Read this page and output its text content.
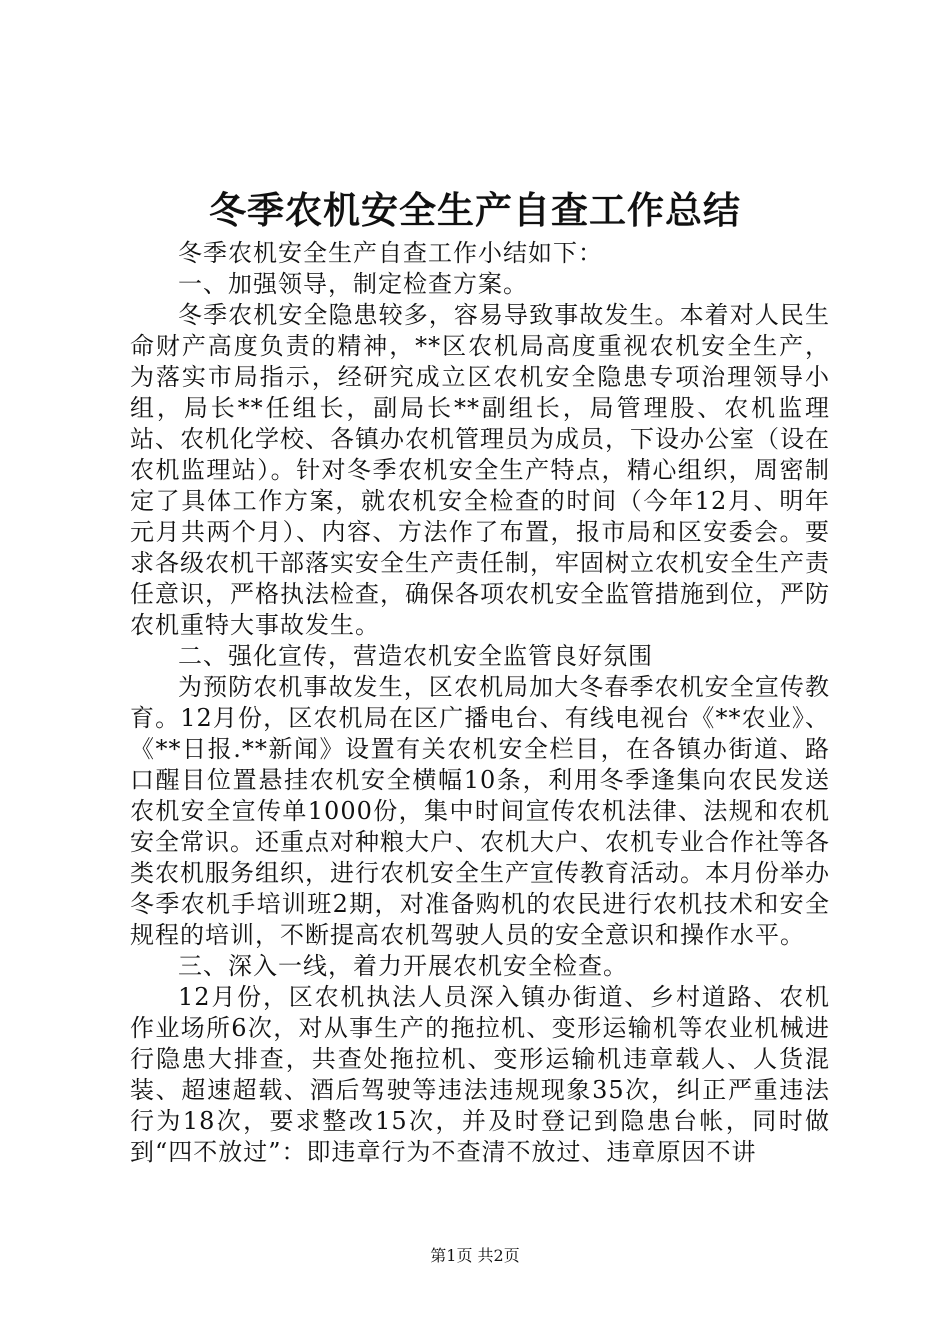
冬季农机安全生产自查工作总结

冬季农机安全生产自查工作小结如下：

一、加强领导，制定检查方案。

冬季农机安全隐患较多，容易导致事故发生。本着对人民生命财产高度负责的精神，**区农机局高度重视农机安全生产，为落实市局指示，经研究成立区农机安全隐患专项治理领导小组，局长**任组长，副局长**副组长，局管理股、农机监理站、农机化学校、各镇办农机管理员为成员，下设办公室（设在农机监理站）。针对冬季农机安全生产特点，精心组织，周密制定了具体工作方案，就农机安全检查的时间（今年12月、明年元月共两个月）、内容、方法作了布置，报市局和区安委会。要求各级农机干部落实安全生产责任制，牢固树立农机安全生产责任意识，严格执法检查，确保各项农机安全监管措施到位，严防农机重特大事故发生。

二、强化宣传，营造农机安全监管良好氛围

为预防农机事故发生，区农机局加大冬春季农机安全宣传教育。12月份，区农机局在区广播电台、有线电视台《**农业》、《**日报.**新闻》设置有关农机安全栏目，在各镇办街道、路口醒目位置悬挂农机安全横幅10条，利用冬季逢集向农民发送农机安全宣传单1000份，集中时间宣传农机法律、法规和农机安全常识。还重点对种粮大户、农机大户、农机专业合作社等各类农机服务组织，进行农机安全生产宣传教育活动。本月份举办冬季农机手培训班2期，对准备购机的农民进行农机技术和安全规程的培训，不断提高农机驾驶人员的安全意识和操作水平。

三、深入一线，着力开展农机安全检查。

12月份，区农机执法人员深入镇办街道、乡村道路、农机作业场所6次，对从事生产的拖拉机、变形运输机等农业机械进行隐患大排查，共查处拖拉机、变形运输机违章载人、人货混装、超速超载、酒后驾驶等违法违规现象35次，纠正严重违法行为18次，要求整改15次，并及时登记到隐患台帐，同时做到“四不放过”：即违章行为不查清不放过、违章原因不讲

第1页 共2页
